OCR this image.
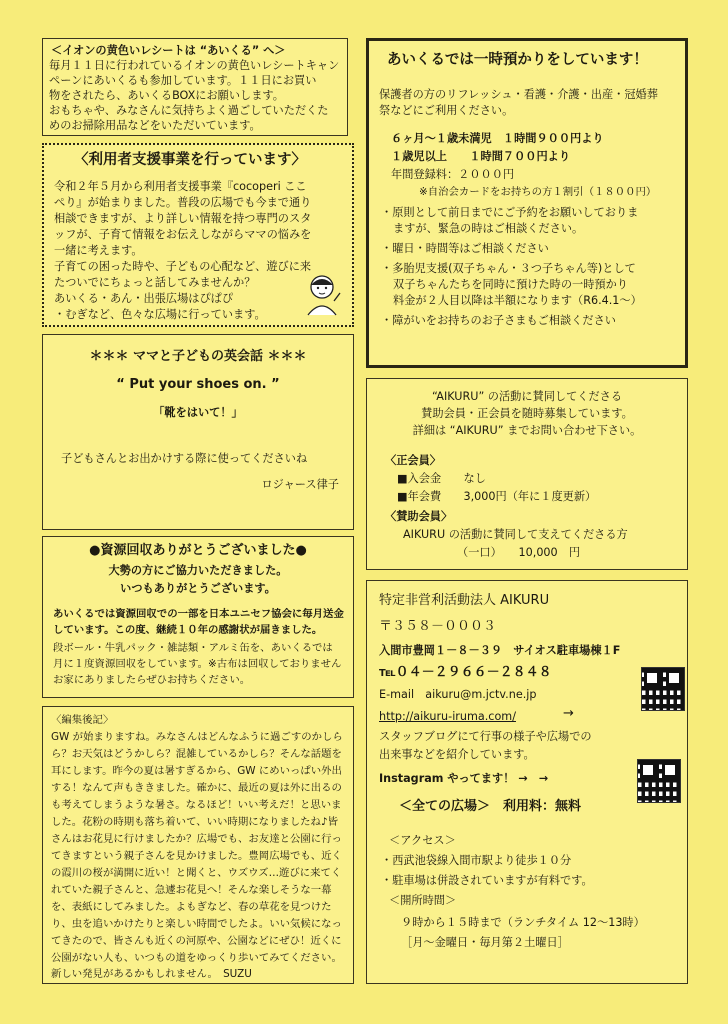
＜イオンの黄色いレシートは “あいくる” へ＞
毎月１１日に行われているイオンの黄色いレシートキャン
ペーンにあいくるも参加しています。１１日にお買い
物をされたら、あいくるBOXにお願いします。
おもちゃや、みなさんに気持ちよく過ごしていただくた
めのお掃除用品などをいただいています。
〈利用者支援事業を行っています〉
令和２年５月から利用者支援事業『cocoperi ここ
ぺり』が始まりました。普段の広場でも今まで通り
相談できますが、より詳しい情報を持つ専門のスタ
ッフが、子育て情報をお伝えしながらママの悩みを
一緒に考えます。
子育ての困った時や、子どもの心配など、遊びに来
たついでにちょっと話してみませんか？
あいくる・あん・出張広場はぴぱぴ
・むぎなど、色々な広場に行っています。
＊＊＊ ママと子どもの英会話 ＊＊＊
“ Put your shoes on. ”
「靴をはいて！」
子どもさんとお出かけする際に使ってくださいね
ロジャース律子
●資源回収ありがとうございました●
大勢の方にご協力いただきました。
いつもありがとうございます。
あいくるでは資源回収での一部を日本ユニセフ協会に毎月送金
しています。この度、継続１０年の感謝状が届きました。
段ボール・牛乳パック・雑誌類・アルミ缶を、あいくるでは
月に１度資源回収をしています。※古布は回収しておりません
お家にありましたらぜひお持ちください。
〈編集後記〉
GW が始まりますね。みなさんはどんなふうに過ごすのかしら
ら？お天気はどうかしら？混雑しているかしら？そんな話題を
耳にします。昨今の夏は暑すぎるから、GW にめいっぱい外出
する！なんて声もききました。確かに、最近の夏は外に出るの
も考えてしまうような暑さ。なるほど！いい考えだ！と思いま
した。花粉の時期も落ち着いて、いい時期になりましたね♪皆
さんはお花見に行けましたか？広場でも、お友達と公園に行っ
てきますという親子さんを見かけました。豊岡広場でも、近く
の霞川の桜が満開に近い！と聞くと、ウズウズ…遊びに来てく
れていた親子さんと、急遽お花見へ！そんな楽しそうな一幕
を、表紙にしてみました。よもぎなど、春の草花を見つけた
り、虫を追いかけたりと楽しい時間でしたよ。いい気候になっ
てきたので、皆さんも近くの河原や、公園などにぜひ！近くに
公園がない人も、いつもの道をゆっくり歩いてみてください。
新しい発見があるかもしれません。　SUZU
あいくるでは一時預かりをしています！
保護者の方のリフレッシュ・看護・介護・出産・冠婚葬
祭などにご利用ください。
６ヶ月～１歳未満児　１時間９００円より
１歳児以上　　１時間７００円より
年間登録料：２０００円
※自治会カードをお持ちの方１割引（１８００円）
・原則として前日までにご予約をお願いしておりま
ますが、緊急の時はご相談ください。
・曜日・時間等はご相談ください
・多胎児支援(双子ちゃん・３つ子ちゃん等)として
双子ちゃんたちを同時に預けた時の一時預かり
料金が２人目以降は半額になります（R6.4.1～）
・障がいをお持ちのお子さまもご相談ください
“AIKURU” の活動に賛同してくださる
賛助会員・正会員を随時募集しています。
詳細は “AIKURU” までお問い合わせ下さい。
〈正会員〉
■入会金　　なし
■年会費　　3,000円（年に１度更新）
〈賛助会員〉
AIKURU の活動に賛同して支えてくださる方
（一口）　　10,000　円
特定非営利活動法人 AIKURU
〒３５８－０００３
入間市豊岡１－８－３９　サイオス駐車場棟１F
℡０４－２９６６－２８４８
E-mail　aikuru@m.jctv.ne.jp
http://aikuru-iruma.com/	→
スタッフブログにて行事の様子や広場での
出来事などを紹介しています。
Instagram やってます！ →　→
＜全ての広場＞　利用料：無料
＜アクセス＞
・西武池袋線入間市駅より徒歩１０分
・駐車場は併設されていますが有料です。
＜開所時間＞
９時から１５時まで（ランチタイム 12～13時）
［月～金曜日・毎月第２土曜日］
